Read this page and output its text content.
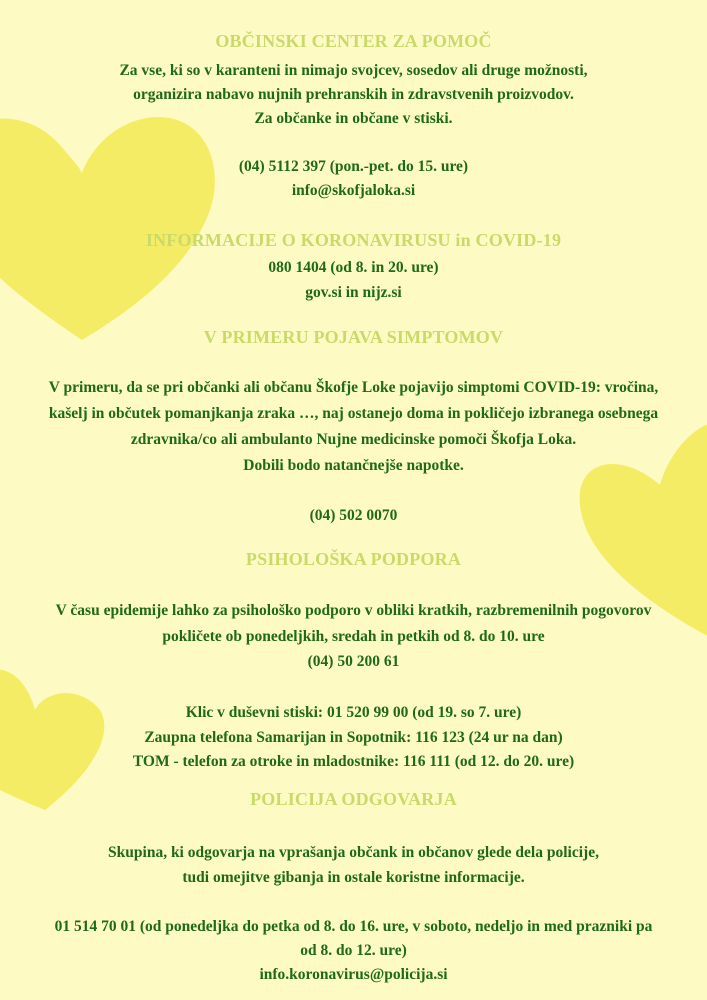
OBČINSKI CENTER ZA POMOČ
Za vse, ki so v karanteni in nimajo svojcev, sosedov ali druge možnosti,
organizira nabavo nujnih prehranskih in zdravstvenih proizvodov.
Za občanke in občane v stiski.
(04) 5112 397 (pon.-pet. do 15. ure)
info@skofjaloka.si
INFORMACIJE O KORONAVIRUSU in COVID-19
080 1404 (od 8. in 20. ure)
gov.si in nijz.si
V PRIMERU POJAVA SIMPTOMOV
V primeru, da se pri občanki ali občanu Škofje Loke pojavijo simptomi COVID-19: vročina,
kašelj in občutek pomanjkanja zraka …, naj ostanejo doma in pokličejo izbranega osebnega
zdravnika/co ali ambulanto Nujne medicinske pomoči Škofja Loka.
Dobili bodo natančnejše napotke.
(04) 502 0070
PSIHOLOŠKA PODPORA
V času epidemije lahko za psihološko podporo v obliki kratkih, razbremenilnih pogovorov
pokličete ob ponedeljkih, sredah in petkih od 8. do 10. ure
(04) 50 200 61
Klic v duševni stiski: 01 520 99 00 (od 19. so 7. ure)
Zaupna telefona Samarijan in Sopotnik: 116 123 (24 ur na dan)
TOM - telefon za otroke in mladostnike: 116 111 (od 12. do 20. ure)
POLICIJA ODGOVARJA
Skupina, ki odgovarja na vprašanja občank in občanov glede dela policije,
tudi omejitve gibanja in ostale koristne informacije.
01 514 70 01 (od ponedeljka do petka od 8. do 16. ure, v soboto, nedeljo in med prazniki pa
od 8. do 12. ure)
info.koronavirus@policija.si
